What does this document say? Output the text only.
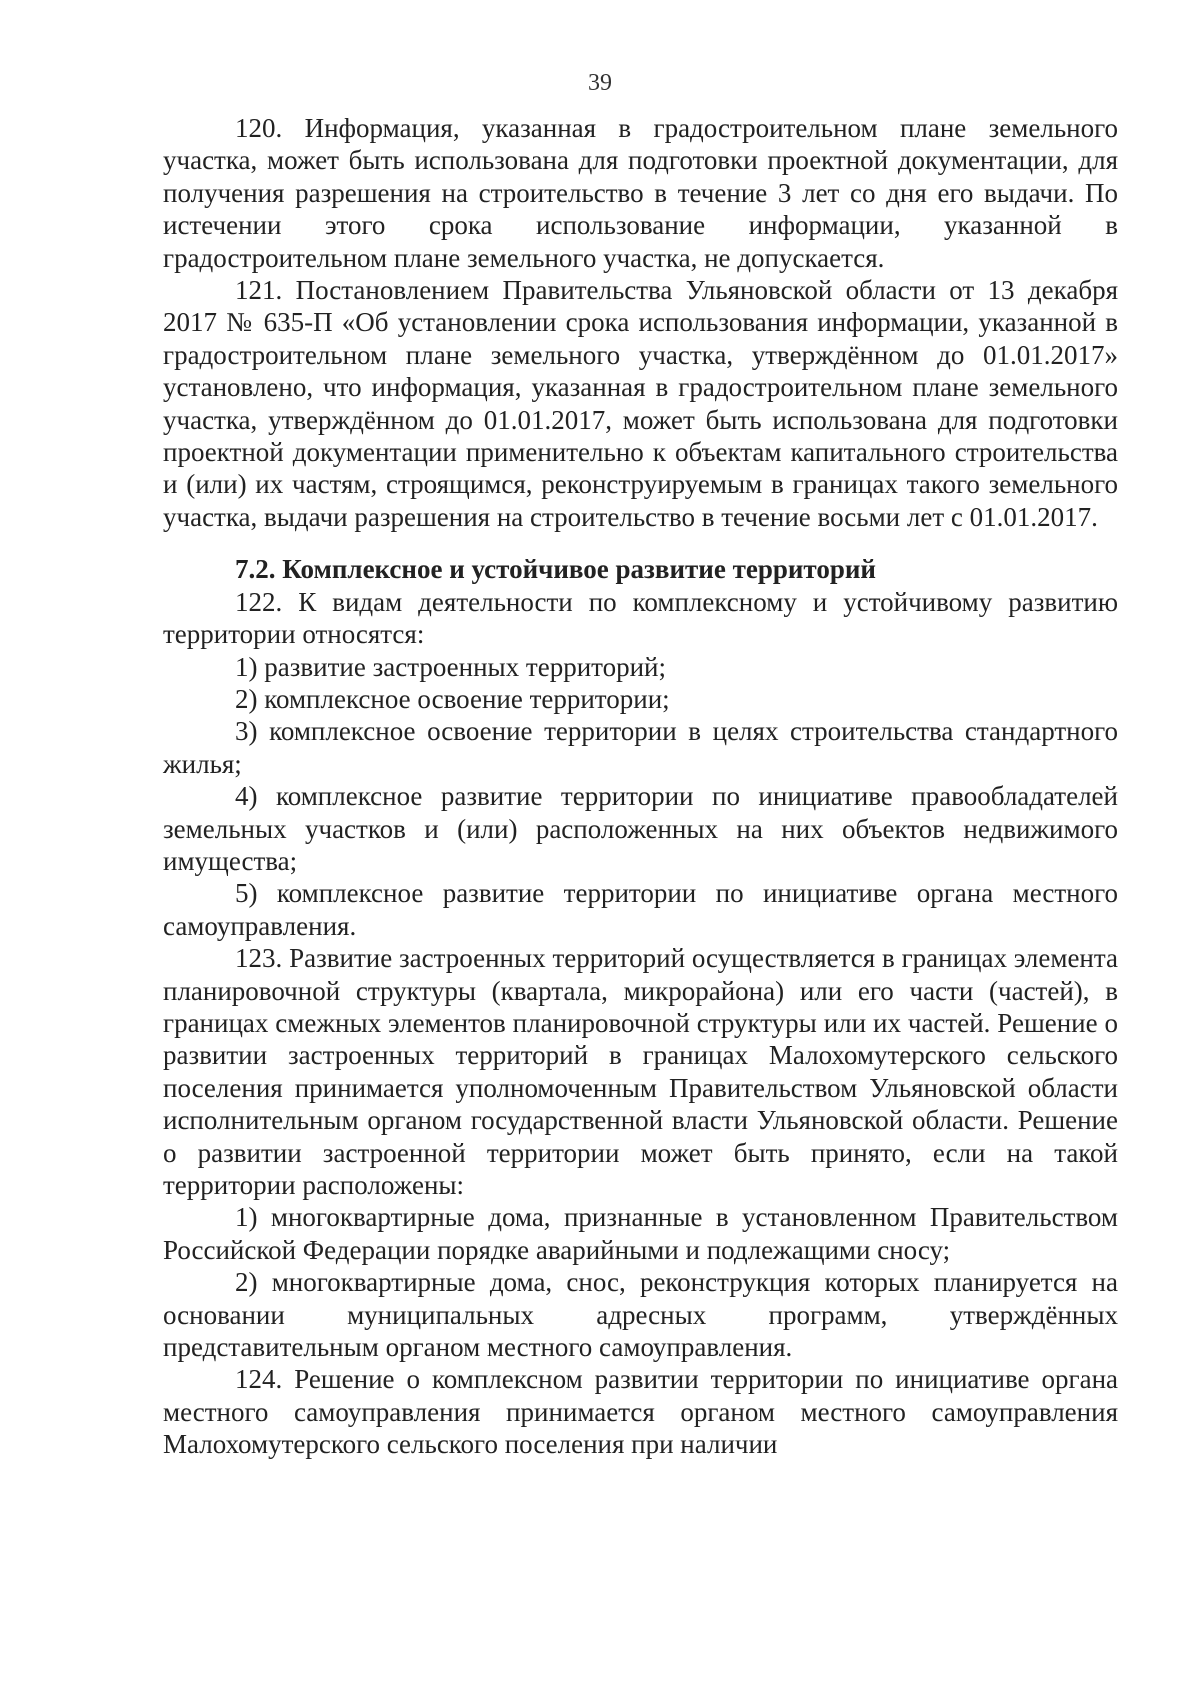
39

120. Информация, указанная в градостроительном плане земельного участка, может быть использована для подготовки проектной документации, для получения разрешения на строительство в течение 3 лет со дня его выдачи. По истечении этого срока использование информации, указанной в градостроительном плане земельного участка, не допускается.

121. Постановлением Правительства Ульяновской области от 13 декабря 2017 № 635-П «Об установлении срока использования информации, указанной в градостроительном плане земельного участка, утверждённом до 01.01.2017» установлено, что информация, указанная в градостроительном плане земельного участка, утверждённом до 01.01.2017, может быть использована для подготовки проектной документации применительно к объектам капитального строительства и (или) их частям, строящимся, реконструируемым в границах такого земельного участка, выдачи разрешения на строительство в течение восьми лет с 01.01.2017.

7.2. Комплексное и устойчивое развитие территорий

122. К видам деятельности по комплексному и устойчивому развитию территории относятся:

1) развитие застроенных территорий;

2) комплексное освоение территории;

3) комплексное освоение территории в целях строительства стандартного жилья;

4) комплексное развитие территории по инициативе правообладателей земельных участков и (или) расположенных на них объектов недвижимого имущества;

5) комплексное развитие территории по инициативе органа местного самоуправления.

123. Развитие застроенных территорий осуществляется в границах элемента планировочной структуры (квартала, микрорайона) или его части (частей), в границах смежных элементов планировочной структуры или их частей. Решение о развитии застроенных территорий в границах Малохомутерского сельского поселения принимается уполномоченным Правительством Ульяновской области исполнительным органом государственной власти Ульяновской области. Решение о развитии застроенной территории может быть принято, если на такой территории расположены:

1) многоквартирные дома, признанные в установленном Правительством Российской Федерации порядке аварийными и подлежащими сносу;

2) многоквартирные дома, снос, реконструкция которых планируется на основании муниципальных адресных программ, утверждённых представительным органом местного самоуправления.

124. Решение о комплексном развитии территории по инициативе органа местного самоуправления принимается органом местного самоуправления Малохомутерского сельского поселения при наличии
